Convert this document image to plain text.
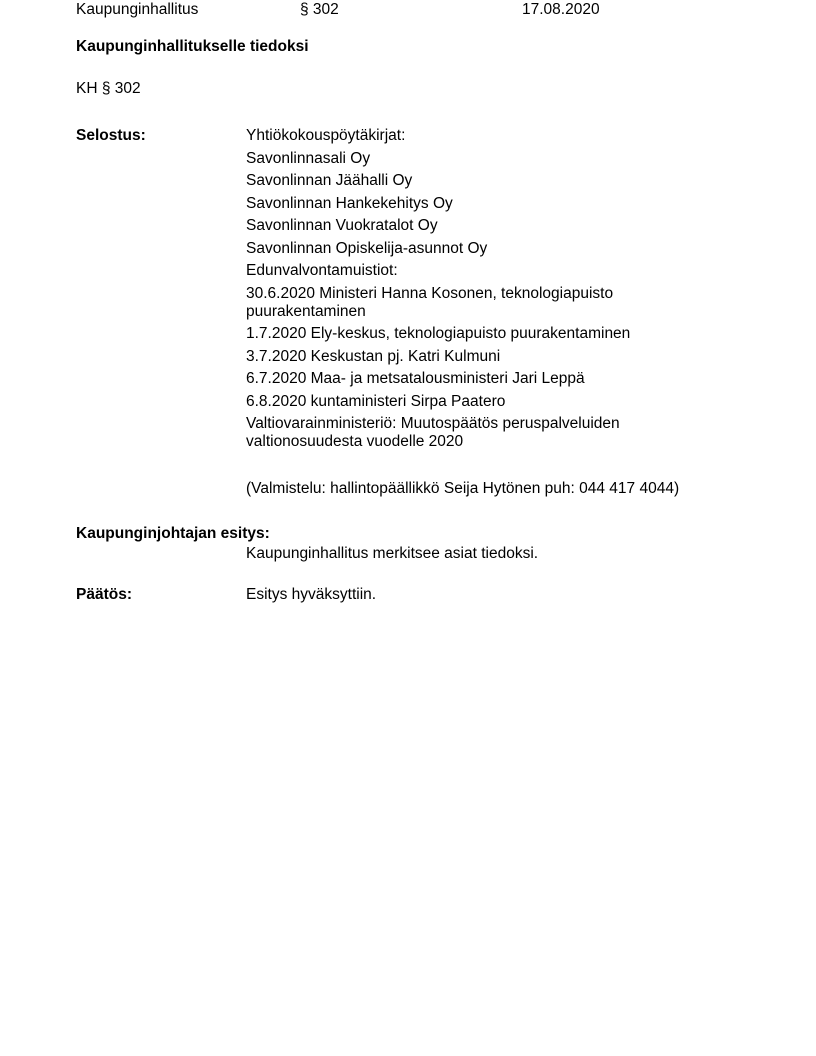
Kaupunginhallitus	§ 302	17.08.2020
Kaupunginhallitukselle tiedoksi
KH § 302
Selostus:	Yhtiökokouspöytäkirjat:
Savonlinnasali Oy
Savonlinnan Jäähalli Oy
Savonlinnan Hankekehitys Oy
Savonlinnan Vuokratalot Oy
Savonlinnan Opiskelija-asunnot Oy
Edunvalvontamuistiot:
30.6.2020 Ministeri Hanna Kosonen, teknologiapuisto puurakentaminen
1.7.2020 Ely-keskus, teknologiapuisto puurakentaminen
3.7.2020 Keskustan pj. Katri Kulmuni
6.7.2020 Maa- ja metsatalousministeri Jari Leppä
6.8.2020 kuntaministeri Sirpa Paatero
Valtiovarainministeriö: Muutospäätös peruspalveluiden valtionosuudesta vuodelle 2020
(Valmistelu: hallintopäällikkö Seija Hytönen puh: 044 417 4044)
Kaupunginjohtajan esitys:
Kaupunginhallitus merkitsee asiat tiedoksi.
Päätös:	Esitys hyväksyttiin.
